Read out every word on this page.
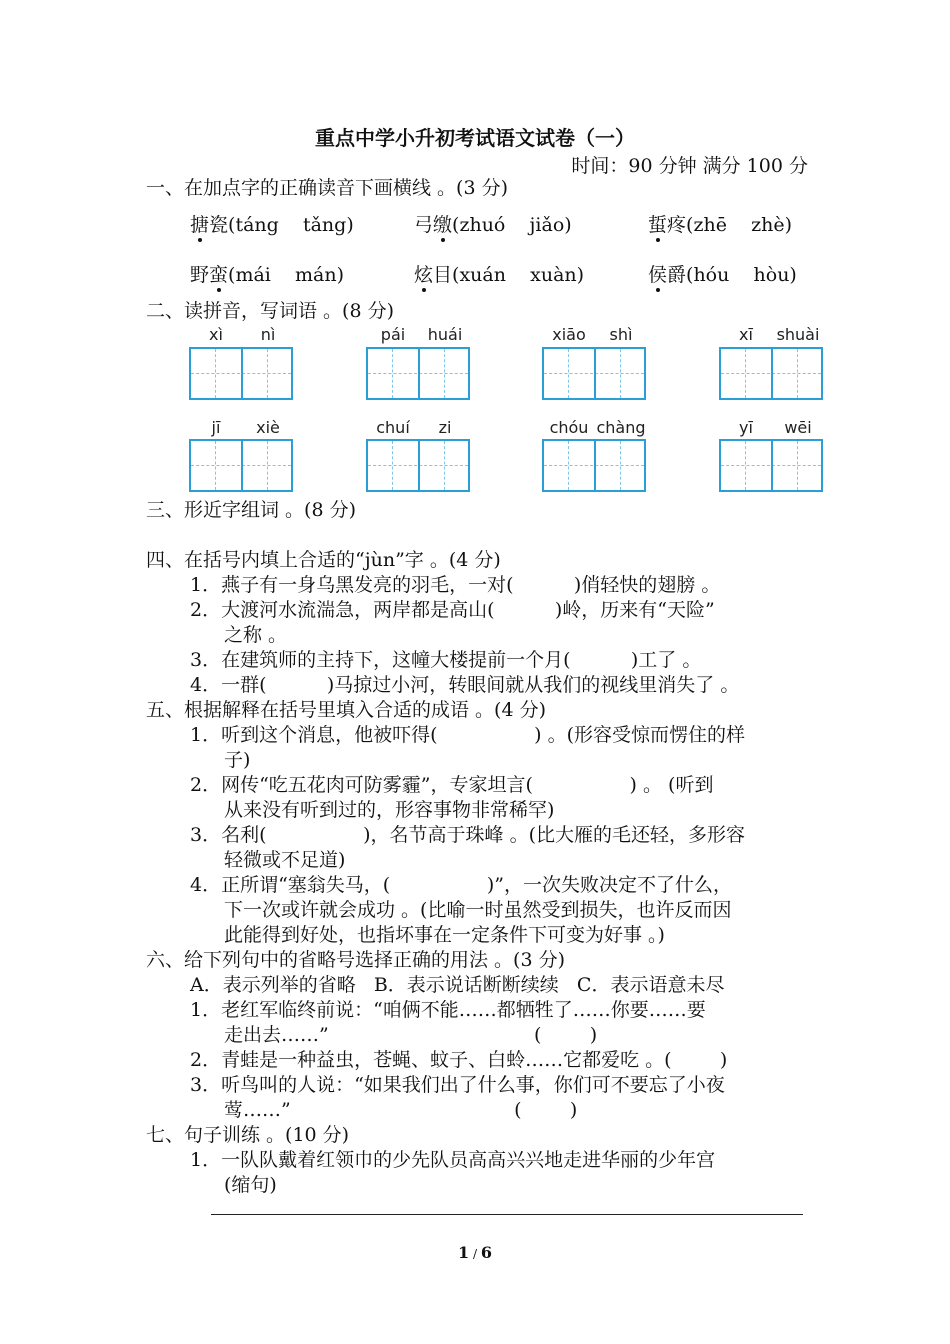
重点中学小升初考试语文试卷（一）
时间：90 分钟 满分 100 分
一、在加点字的正确读音下画横线 。(3 分)
搪瓷(táng    tǎng)	弓缴(zhuó    jiǎo)	蜇疼(zhē    zhè)
野蛮(mái    mán)	炫目(xuán    xuàn)	侯爵(hóu    hòu)
二、读拼音，写词语 。(8 分)
xì	nì	pái	huái	xiāo	shì	xī	shuài
jī	xiè	chuí	zi	chóu chàng	yī	wēi
三、形近字组词 。(8 分)
四、在括号内填上合适的“jùn”字 。(4 分)
1．燕子有一身乌黑发亮的羽毛，一对(          )俏轻快的翅膀 。
2．大渡河水流湍急，两岸都是高山(          )岭，历来有“天险”
之称 。
3．在建筑师的主持下，这幢大楼提前一个月(          )工了 。
4．一群(          )马掠过小河，转眼间就从我们的视线里消失了 。
五、根据解释在括号里填入合适的成语 。(4 分)
1．听到这个消息，他被吓得(                ) 。(形容受惊而愣住的样
子)
2．网传“吃五花肉可防雾霾”，专家坦言(                ) 。 (听到
从来没有听到过的，形容事物非常稀罕)
3．名利(                )，名节高于珠峰 。(比大雁的毛还轻，多形容
轻微或不足道)
4．正所谓“塞翁失马，(                )”，一次失败决定不了什么，
下一次或许就会成功 。(比喻一时虽然受到损失，也许反而因
此能得到好处，也指坏事在一定条件下可变为好事 。)
六、给下列句中的省略号选择正确的用法 。(3 分)
A．表示列举的省略   B．表示说话断断续续   C．表示语意未尽
1．老红军临终前说：“咱俩不能……都牺牲了……你要……要
走出去……”                                  (        )
2．青蛙是一种益虫，苍蝇、蚊子、白蛉……它都爱吃 。(        )
3．听鸟叫的人说：“如果我们出了什么事，你们可不要忘了小夜
莺……”                                     (        )
七、句子训练 。(10 分)
1．一队队戴着红领巾的少先队员高高兴兴地走进华丽的少年宫
(缩句)
1 / 6
